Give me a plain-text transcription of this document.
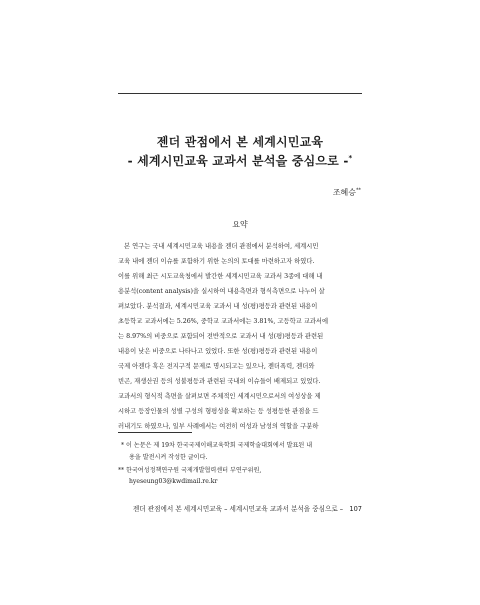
젠더 관점에서 본 세계시민교육
- 세계시민교육 교과서 분석을 중심으로 -*
조혜승**
요약
본 연구는 국내 세계시민교육 내용을 젠더 관점에서 분석하여, 세계시민
교육 내에 젠더 이슈를 포함하기 위한 논의의 토대를 마련하고자 하였다.
이를 위해 최근 시도교육청에서 발간한 세계시민교육 교과서 3종에 대해 내
용분석(content analysis)을 실시하여 내용측면과 형식측면으로 나누어 살
펴보았다. 분석결과, 세계시민교육 교과서 내 성(평)평등과 관련된 내용이
초등학교 교과서에는 5.26%, 중학교 교과서에는 3.81%, 고등학교 교과서에
는 8.97%의 비중으로 포함되어 전반적으로 교과서 내 성(평)평등과 관련된
내용이 낮은 비중으로 나타나고 있었다. 또한 성(평)평등과 관련된 내용이
국제 아젠다 혹은 전지구적 문제로 명시되고는 있으나, 젠더폭력, 젠더와
빈곤, 재생산권 등의 성불평등과 관련된 국내외 이슈들이 배제되고 있었다.
교과서의 형식적 측면을 살펴보면 주체적인 세계시민으로서의 여성상을 제
시하고 등장인물의 성별 구성의 형평성을 확보하는 등 성평등한 관점을 드
러내기도 하였으나, 일부 사례에서는 여전히 여성과 남성의 역할을 구분하
* 이 논문은 제 19차 한국국제이해교육학회 국제학술대회에서 발표된 내
용을 발전시켜 작성한 글이다.
** 한국여성정책연구원 국제개발협력센터 부연구위원,
hyeseung03@kwdimail.re.kr
젠더 관점에서 본 세계시민교육 – 세계시민교육 교과서 분석을 중심으로 – 107
